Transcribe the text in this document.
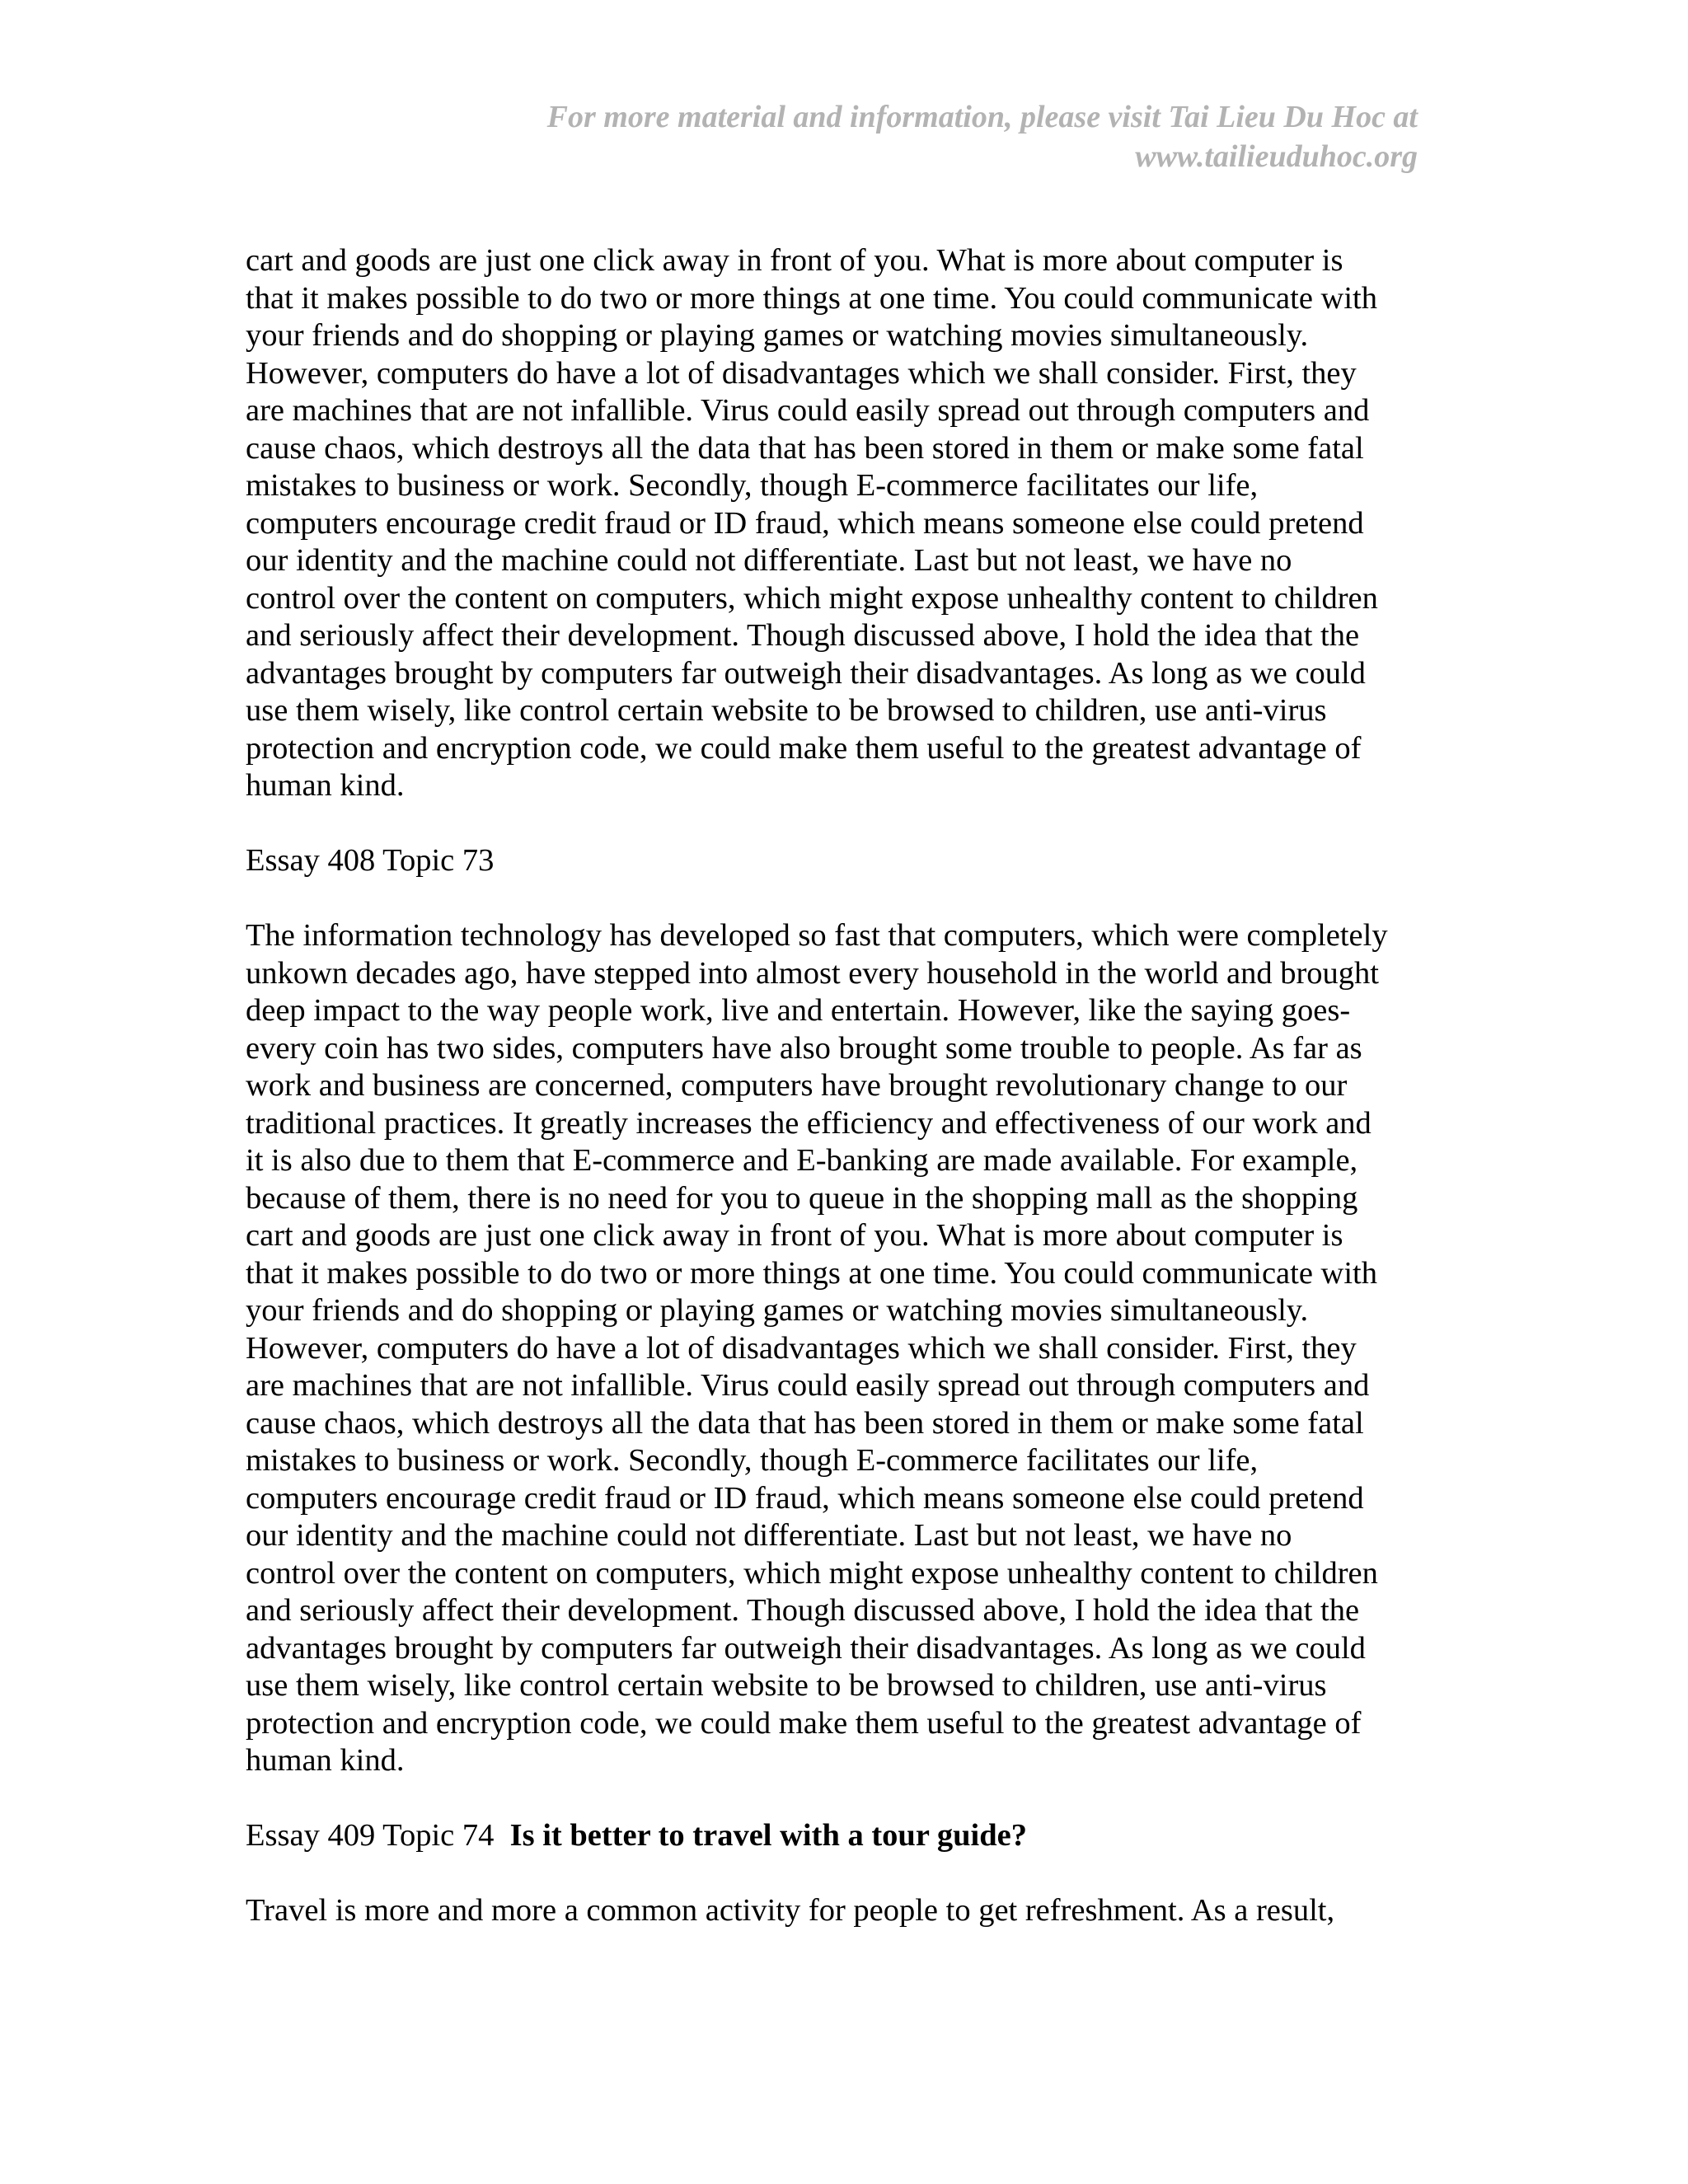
For more material and information, please visit Tai Lieu Du Hoc at
www.tailieuduhoc.org
cart and goods are just one click away in front of you. What is more about computer is
that it makes possible to do two or more things at one time. You could communicate with
your friends and do shopping or playing games or watching movies simultaneously.
However, computers do have a lot of disadvantages which we shall consider. First, they
are machines that are not infallible. Virus could easily spread out through computers and
cause chaos, which destroys all the data that has been stored in them or make some fatal
mistakes to business or work. Secondly, though E-commerce facilitates our life,
computers encourage credit fraud or ID fraud, which means someone else could pretend
our identity and the machine could not differentiate. Last but not least, we have no
control over the content on computers, which might expose unhealthy content to children
and seriously affect their development. Though discussed above, I hold the idea that the
advantages brought by computers far outweigh their disadvantages. As long as we could
use them wisely, like control certain website to be browsed to children, use anti-virus
protection and encryption code, we could make them useful to the greatest advantage of
human kind.
Essay 408 Topic 73
The information technology has developed so fast that computers, which were completely
unkown decades ago, have stepped into almost every household in the world and brought
deep impact to the way people work, live and entertain. However, like the saying goes-
every coin has two sides, computers have also brought some trouble to people. As far as
work and business are concerned, computers have brought revolutionary change to our
traditional practices. It greatly increases the efficiency and effectiveness of our work and
it is also due to them that E-commerce and E-banking are made available. For example,
because of them, there is no need for you to queue in the shopping mall as the shopping
cart and goods are just one click away in front of you. What is more about computer is
that it makes possible to do two or more things at one time. You could communicate with
your friends and do shopping or playing games or watching movies simultaneously.
However, computers do have a lot of disadvantages which we shall consider. First, they
are machines that are not infallible. Virus could easily spread out through computers and
cause chaos, which destroys all the data that has been stored in them or make some fatal
mistakes to business or work. Secondly, though E-commerce facilitates our life,
computers encourage credit fraud or ID fraud, which means someone else could pretend
our identity and the machine could not differentiate. Last but not least, we have no
control over the content on computers, which might expose unhealthy content to children
and seriously affect their development. Though discussed above, I hold the idea that the
advantages brought by computers far outweigh their disadvantages. As long as we could
use them wisely, like control certain website to be browsed to children, use anti-virus
protection and encryption code, we could make them useful to the greatest advantage of
human kind.
Essay 409 Topic 74 Is it better to travel with a tour guide?
Travel is more and more a common activity for people to get refreshment. As a result,
